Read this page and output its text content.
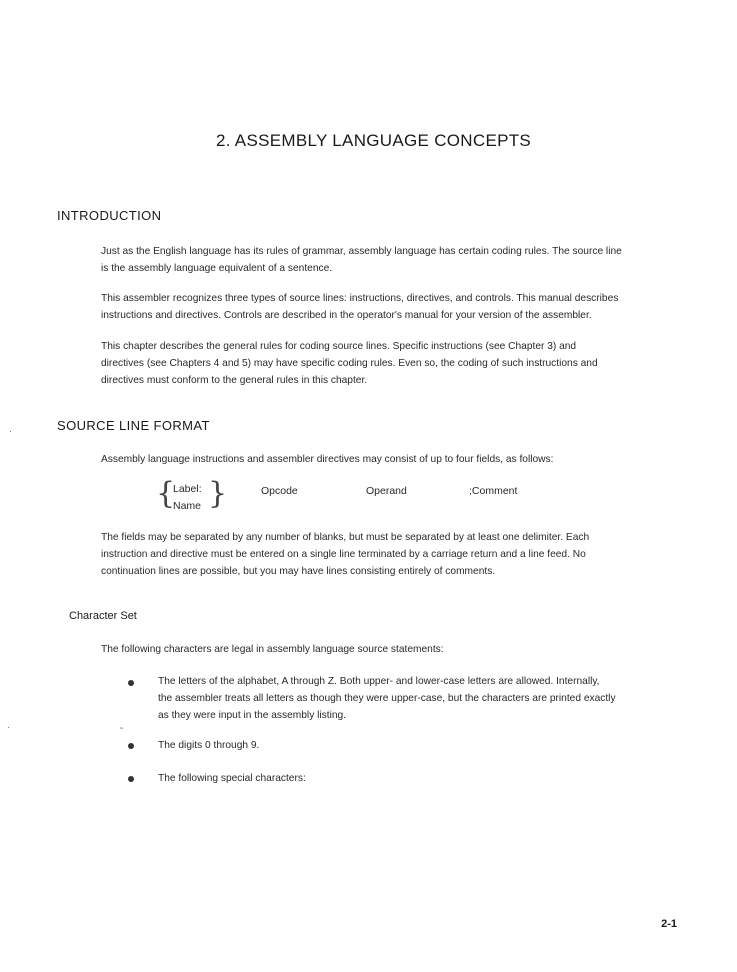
2. ASSEMBLY LANGUAGE CONCEPTS
INTRODUCTION
Just as the English language has its rules of grammar, assembly language has certain coding rules. The source line
is the assembly language equivalent of a sentence.
This assembler recognizes three types of source lines: instructions, directives, and controls. This manual describes
instructions and directives. Controls are described in the operator's manual for your version of the assembler.
This chapter describes the general rules for coding source lines. Specific instructions (see Chapter 3) and
directives (see Chapters 4 and 5) may have specific coding rules. Even so, the coding of such instructions and
directives must conform to the general rules in this chapter.
·	SOURCE LINE FORMAT
Assembly language instructions and assembler directives may consist of up to four fields, as follows:
{
Label:
Name }	Opcode	Operand	;Comment
The fields may be separated by any number of blanks, but must be separated by at least one delimiter. Each
instruction and directive must be entered on a single line terminated by a carriage return and a line feed. No
continuation lines are possible, but you may have lines consisting entirely of comments.
Character Set
The following characters are legal in assembly language source statements:
The letters of the alphabet, A through Z. Both upper- and lower-case letters are allowed. Internally,
the assembler treats all letters as though they were upper-case, but the characters are printed exactly
as they were input in the assembly listing.
·	˜
The digits 0 through 9.
The following special characters:
2-1
